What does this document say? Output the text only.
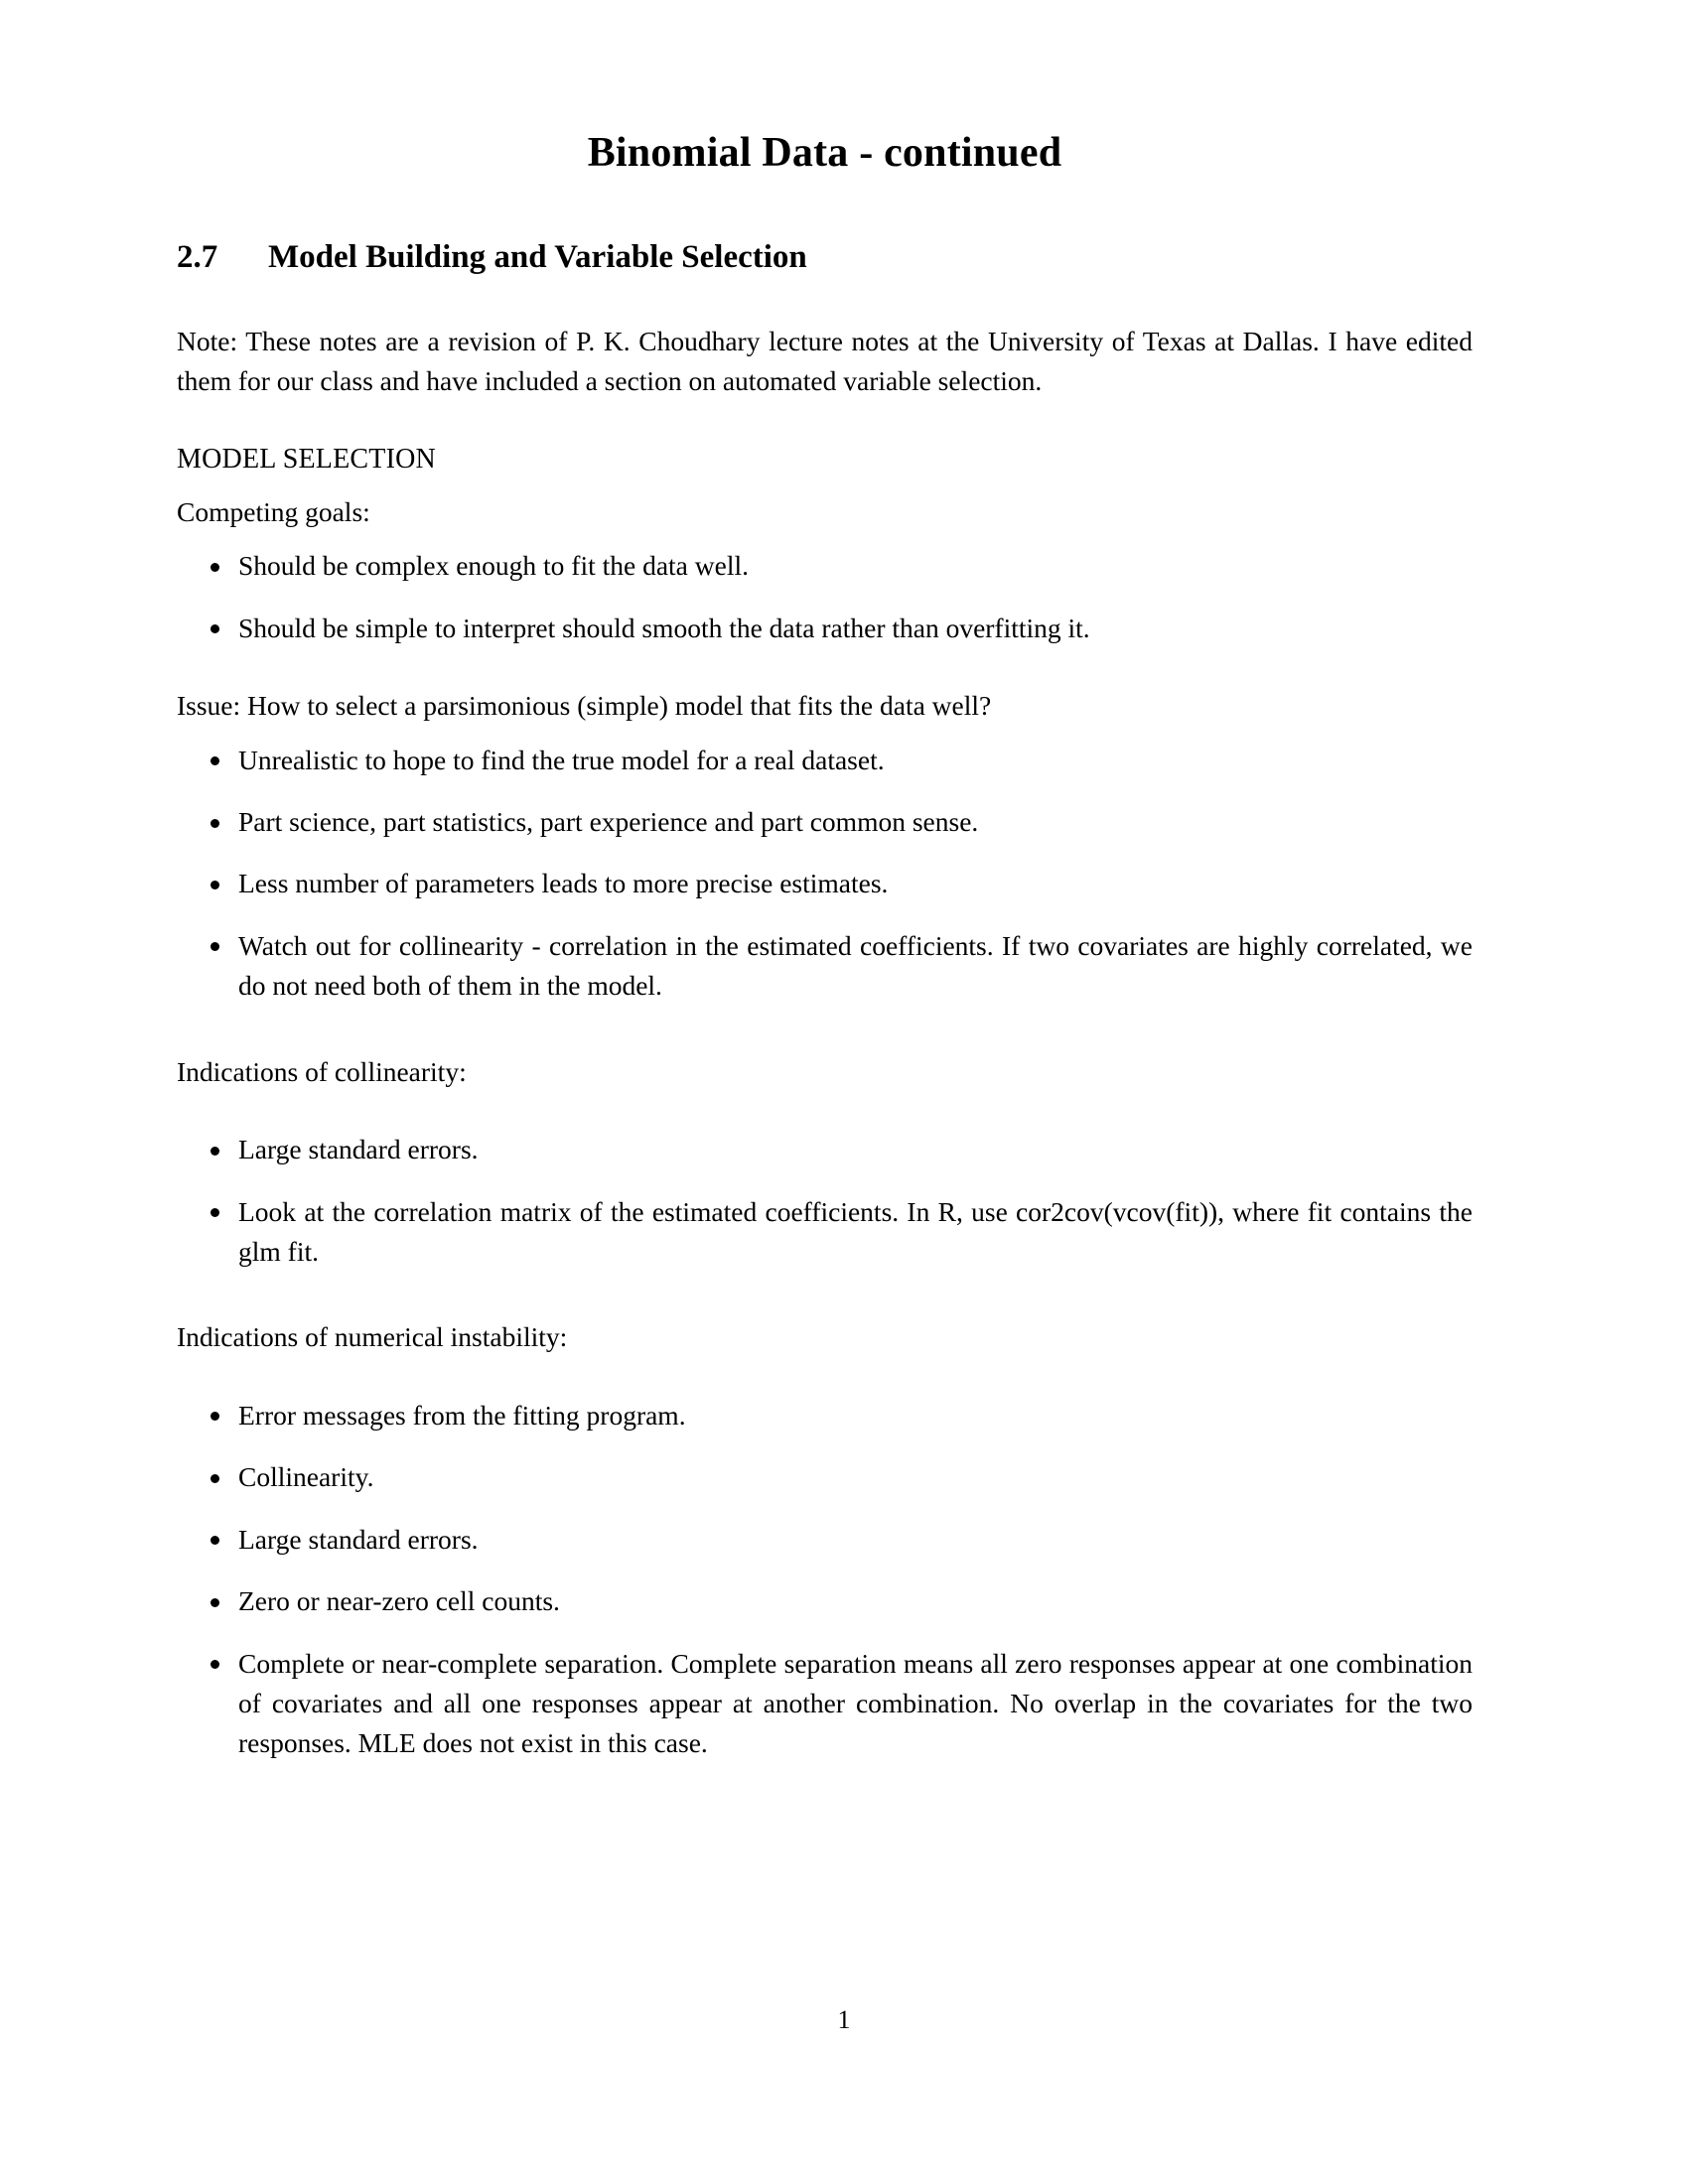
Binomial Data - continued
2.7	Model Building and Variable Selection

Note: These notes are a revision of P. K. Choudhary lecture notes at the University of Texas at Dallas. I have edited them for our class and have included a section on automated variable selection.

MODEL SELECTION

Competing goals:

Should be complex enough to fit the data well.
Should be simple to interpret should smooth the data rather than overfitting it.

Issue: How to select a parsimonious (simple) model that fits the data well?

Unrealistic to hope to find the true model for a real dataset.
Part science, part statistics, part experience and part common sense.
Less number of parameters leads to more precise estimates.
Watch out for collinearity - correlation in the estimated coefficients. If two covariates are highly correlated, we do not need both of them in the model.

Indications of collinearity:

Large standard errors.
Look at the correlation matrix of the estimated coefficients. In R, use cor2cov(vcov(fit)), where fit contains the glm fit.

Indications of numerical instability:

Error messages from the fitting program.
Collinearity.
Large standard errors.
Zero or near-zero cell counts.
Complete or near-complete separation. Complete separation means all zero responses appear at one combination of covariates and all one responses appear at another combination. No overlap in the covariates for the two responses. MLE does not exist in this case.
1
